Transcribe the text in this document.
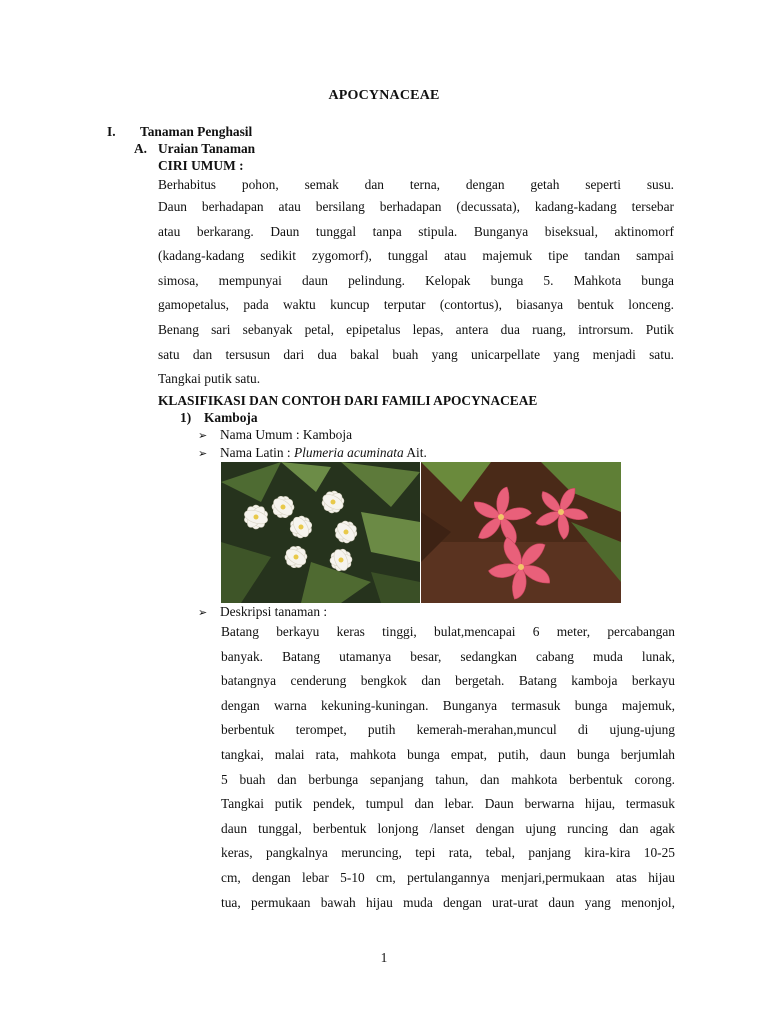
APOCYNACEAE
I. Tanaman Penghasil
A. Uraian Tanaman
CIRI UMUM :
Berhabitus pohon, semak dan terna, dengan getah seperti susu.
Daun berhadapan atau bersilang berhadapan (decussata), kadang-kadang tersebar
atau berkarang. Daun tunggal tanpa stipula. Bunganya biseksual, aktinomorf
(kadang-kadang sedikit zygomorf), tunggal atau majemuk tipe tandan sampai
simosa, mempunyai daun pelindung. Kelopak bunga 5. Mahkota bunga
gamopetalus, pada waktu kuncup terputar (contortus), biasanya bentuk lonceng.
Benang sari sebanyak petal, epipetalus lepas, antera dua ruang, introrsum. Putik
satu dan tersusun dari dua bakal buah yang unicarpellate yang menjadi satu.
Tangkai putik satu.
KLASIFIKASI DAN CONTOH DARI FAMILI APOCYNACEAE
1) Kamboja
➢ Nama Umum : Kamboja
➢ Nama Latin : Plumeria acuminata Ait.
➢ Deskripsi tanaman :
Batang berkayu keras tinggi, bulat,mencapai 6 meter, percabangan
banyak. Batang utamanya besar, sedangkan cabang muda lunak,
batangnya cenderung bengkok dan bergetah. Batang kamboja berkayu
dengan warna kekuning-kuningan. Bunganya termasuk bunga majemuk,
berbentuk terompet, putih kemerah-merahan,muncul di ujung-ujung
tangkai, malai rata, mahkota bunga empat, putih, daun bunga berjumlah
5 buah dan berbunga sepanjang tahun, dan mahkota berbentuk corong.
Tangkai putik pendek, tumpul dan lebar. Daun berwarna hijau, termasuk
daun tunggal, berbentuk lonjong /lanset dengan ujung runcing dan agak
keras, pangkalnya meruncing, tepi rata, tebal, panjang kira-kira 10-25
cm, dengan lebar 5-10 cm, pertulangannya menjari,permukaan atas hijau
tua, permukaan bawah hijau muda dengan urat-urat daun yang menonjol,
1
